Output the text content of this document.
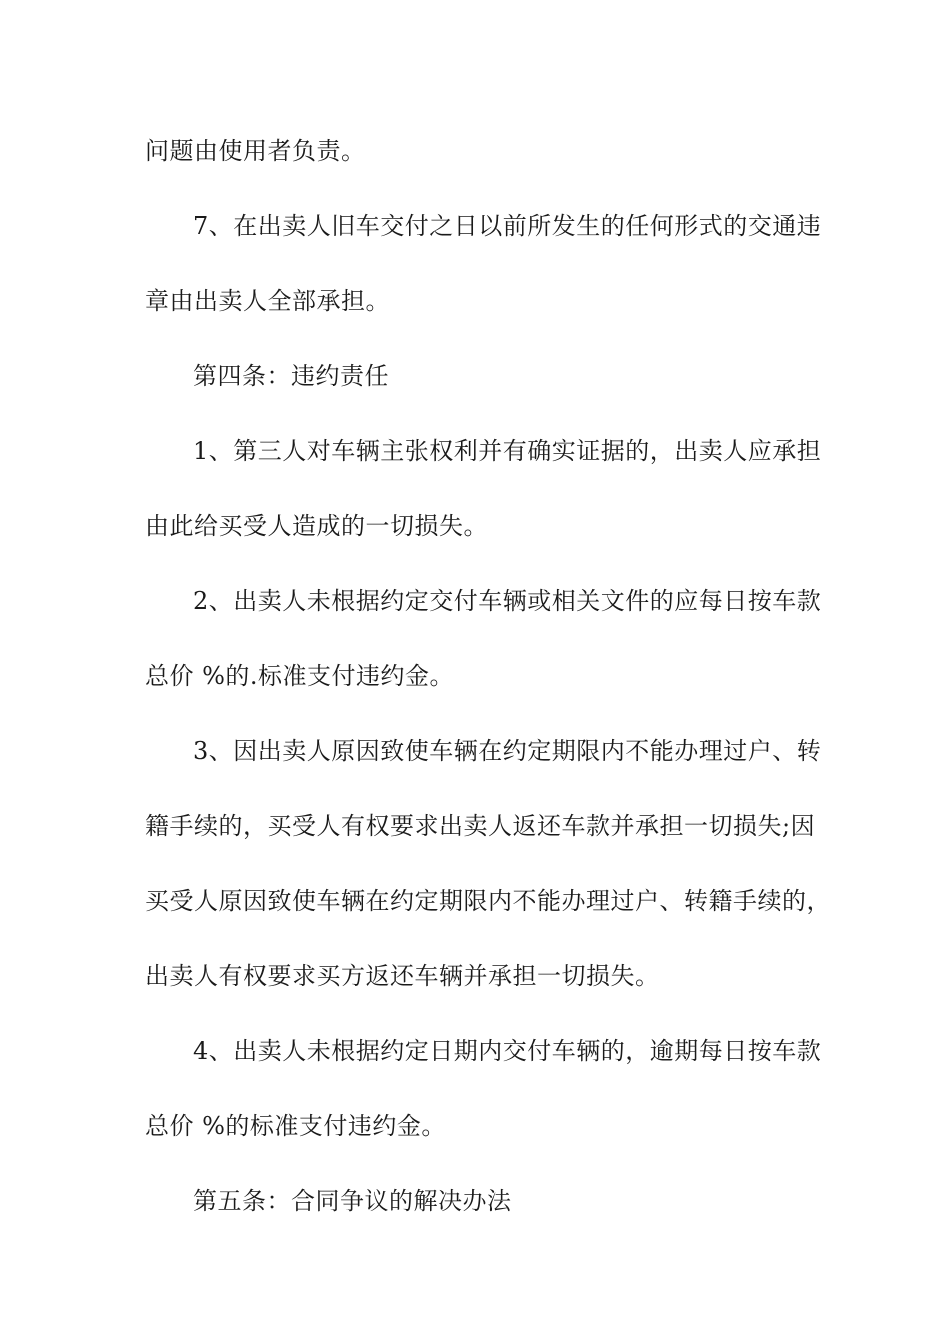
问题由使用者负责。
7、在出卖人旧车交付之日以前所发生的任何形式的交通违
章由出卖人全部承担。
第四条：违约责任
1、第三人对车辆主张权利并有确实证据的，出卖人应承担
由此给买受人造成的一切损失。
2、出卖人未根据约定交付车辆或相关文件的应每日按车款
总价 %的.标准支付违约金。
3、因出卖人原因致使车辆在约定期限内不能办理过户、转
籍手续的，买受人有权要求出卖人返还车款并承担一切损失;因
买受人原因致使车辆在约定期限内不能办理过户、转籍手续的，
出卖人有权要求买方返还车辆并承担一切损失。
4、出卖人未根据约定日期内交付车辆的，逾期每日按车款
总价 %的标准支付违约金。
第五条：合同争议的解决办法
